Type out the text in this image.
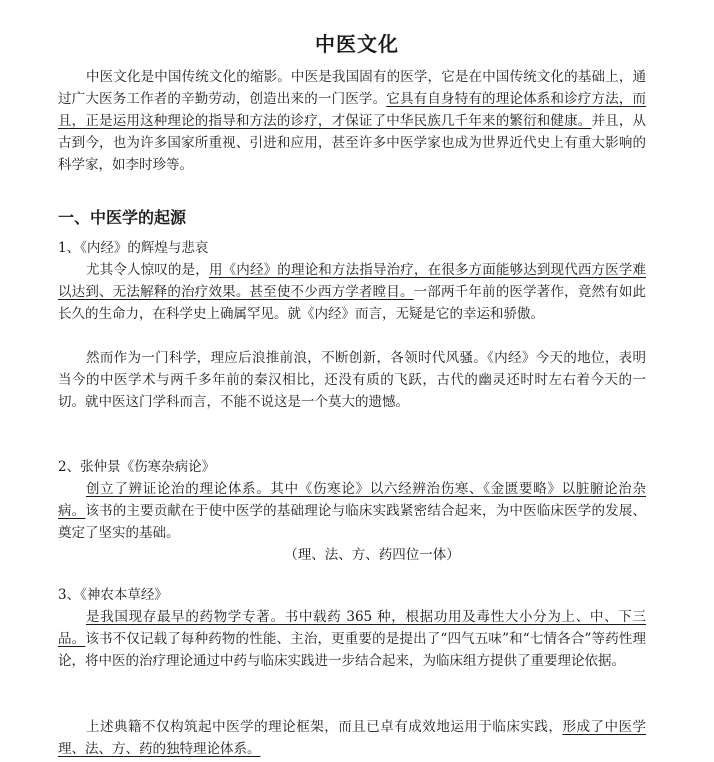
中医文化

中医文化是中国传统文化的缩影。中医是我国固有的医学，它是在中国传统文化的基础上，通过广大医务工作者的辛勤劳动，创造出来的一门医学。它具有自身特有的理论体系和诊疗方法，而且，正是运用这种理论的指导和方法的诊疗，才保证了中华民族几千年来的繁衍和健康。并且，从古到今，也为许多国家所重视、引进和应用，甚至许多中医学家也成为世界近代史上有重大影响的科学家，如李时珍等。

一、中医学的起源
1、《内经》的辉煌与悲哀

尤其令人惊叹的是，用《内经》的理论和方法指导治疗，在很多方面能够达到现代西方医学难以达到、无法解释的治疗效果。甚至使不少西方学者瞠目。一部两千年前的医学著作，竟然有如此长久的生命力，在科学史上确属罕见。就《内经》而言，无疑是它的幸运和骄傲。

然而作为一门科学，理应后浪推前浪，不断创新，各领时代风骚。《内经》今天的地位，表明当今的中医学术与两千多年前的秦汉相比，还没有质的飞跃，古代的幽灵还时时左右着今天的一切。就中医这门学科而言，不能不说这是一个莫大的遗憾。

2、张仲景《伤寒杂病论》

创立了辨证论治的理论体系。其中《伤寒论》以六经辨治伤寒、《金匮要略》以脏腑论治杂病。该书的主要贡献在于使中医学的基础理论与临床实践紧密结合起来，为中医临床医学的发展、奠定了坚实的基础。

（理、法、方、药四位一体）
3、《神农本草经》

是我国现存最早的药物学专著。书中载药 365 种，根据功用及毒性大小分为上、中、下三品。该书不仅记载了每种药物的性能、主治，更重要的是提出了“四气五味”和“七情各合”等药性理论，将中医的治疗理论通过中药与临床实践进一步结合起来，为临床组方提供了重要理论依据。

上述典籍不仅构筑起中医学的理论框架，而且已卓有成效地运用于临床实践，形成了中医学理、法、方、药的独特理论体系。
